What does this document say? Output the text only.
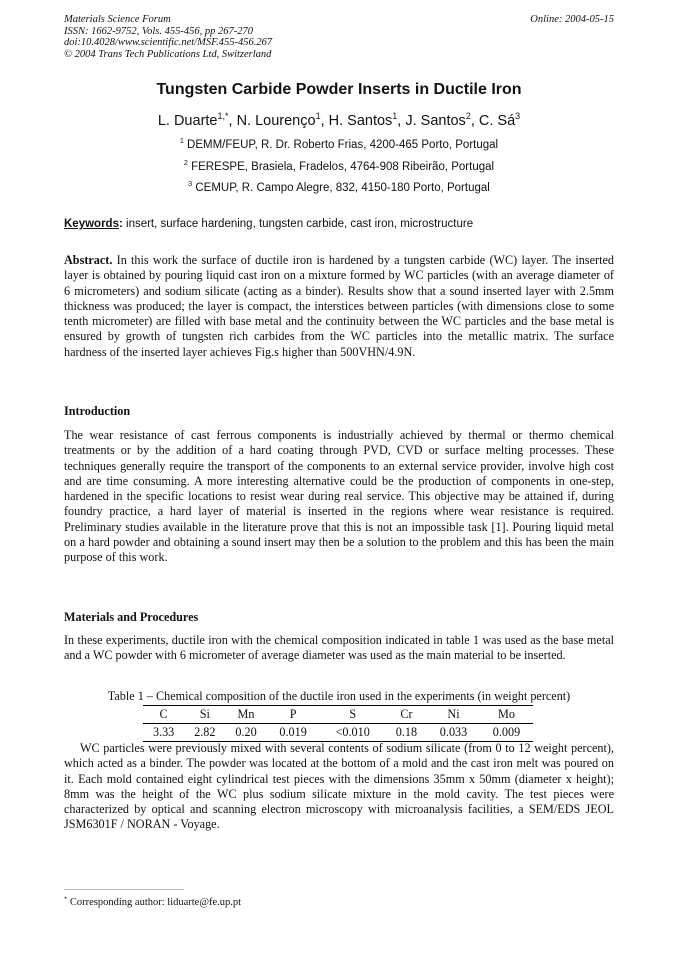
Materials Science Forum
ISSN: 1662-9752, Vols. 455-456, pp 267-270
doi:10.4028/www.scientific.net/MSF.455-456.267
© 2004 Trans Tech Publications Ltd, Switzerland
Online: 2004-05-15
Tungsten Carbide Powder Inserts in Ductile Iron
L. Duarte$^{1,*}$, N. Lourenço$^1$, H. Santos$^1$, J. Santos$^2$, C. $Sá^3$
$^1$ DEMM/FEUP, R. Dr. Roberto Frias, 4200-465 Porto, Portugal
$^2$ FERESPE, Brasiela, Fradelos, 4764-908 Ribeirão, Portugal
$^3$ CEMUP, R. Campo Alegre, 832, 4150-180 Porto, Portugal
Keywords: insert, surface hardening, tungsten carbide, cast iron, microstructure
Abstract. In this work the surface of ductile iron is hardened by a tungsten carbide (WC) layer. The inserted layer is obtained by pouring liquid cast iron on a mixture formed by WC particles (with an average diameter of 6 micrometers) and sodium silicate (acting as a binder). Results show that a sound inserted layer with 2.5mm thickness was produced; the layer is compact, the interstices between particles (with dimensions close to some tenth micrometer) are filled with base metal and the continuity between the WC particles and the base metal is ensured by growth of tungsten rich carbides from the WC particles into the metallic matrix. The surface hardness of the inserted layer achieves Fig.s higher than 500VHN/4.9N.
Introduction
The wear resistance of cast ferrous components is industrially achieved by thermal or thermo chemical treatments or by the addition of a hard coating through PVD, CVD or surface melting processes. These techniques generally require the transport of the components to an external service provider, involve high cost and are time consuming. A more interesting alternative could be the production of components in one-step, hardened in the specific locations to resist wear during real service. This objective may be attained if, during foundry practice, a hard layer of material is inserted in the regions where wear resistance is required. Preliminary studies available in the literature prove that this is not an impossible task [1]. Pouring liquid metal on a hard powder and obtaining a sound insert may then be a solution to the problem and this has been the main purpose of this work.
Materials and Procedures
In these experiments, ductile iron with the chemical composition indicated in table 1 was used as the base metal and a WC powder with 6 micrometer of average diameter was used as the main material to be inserted.
Table 1 – Chemical composition of the ductile iron used in the experiments (in weight percent)
C	Si	Mn	P	S	Cr	Ni	Mo
3.33	2.82	0.20	0.019	<0.010	0.18	0.033	0.009
WC particles were previously mixed with several contents of sodium silicate (from 0 to 12 weight percent), which acted as a binder. The powder was located at the bottom of a mold and the cast iron melt was poured on it. Each mold contained eight cylindrical test pieces with the dimensions 35mm x 50mm (diameter x height); 8mm was the height of the WC plus sodium silicate mixture in the mold cavity. The test pieces were characterized by optical and scanning electron microscopy with microanalysis facilities, a SEM/EDS JEOL JSM6301F / NORAN - Voyage.
* Corresponding author: liduarte@fe.up.pt
